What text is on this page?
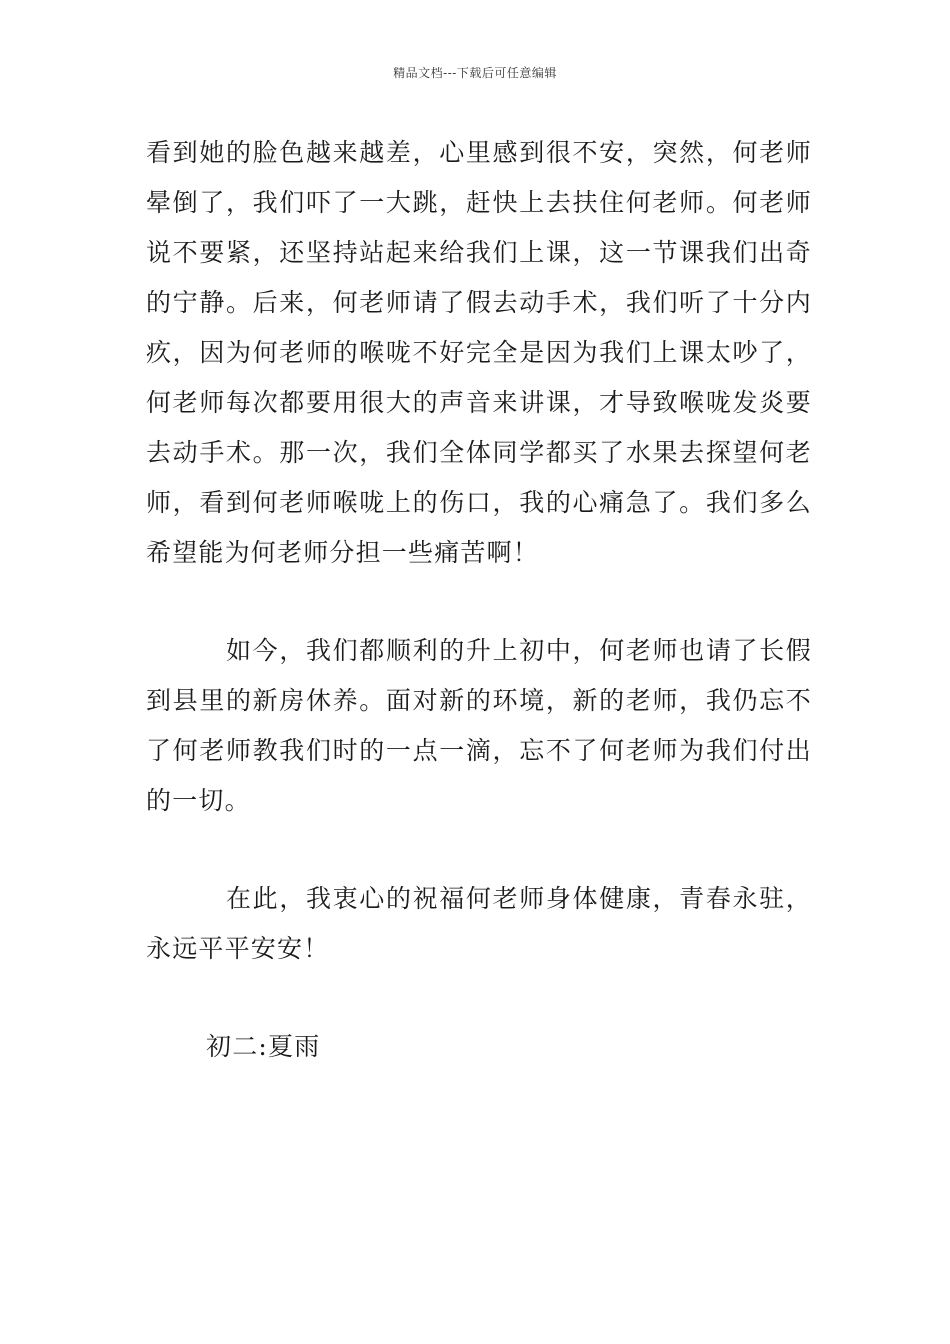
精品文档---下载后可任意编辑

看到她的脸色越来越差，心里感到很不安，突然，何老师晕倒了，我们吓了一大跳，赶快上去扶住何老师。何老师说不要紧，还坚持站起来给我们上课，这一节课我们出奇的宁静。后来，何老师请了假去动手术，我们听了十分内疚，因为何老师的喉咙不好完全是因为我们上课太吵了，何老师每次都要用很大的声音来讲课，才导致喉咙发炎要去动手术。那一次，我们全体同学都买了水果去探望何老师，看到何老师喉咙上的伤口，我的心痛急了。我们多么希望能为何老师分担一些痛苦啊！

如今，我们都顺利的升上初中，何老师也请了长假到县里的新房休养。面对新的环境，新的老师，我仍忘不了何老师教我们时的一点一滴，忘不了何老师为我们付出的一切。

在此，我衷心的祝福何老师身体健康，青春永驻，永远平平安安！

初二:夏雨
